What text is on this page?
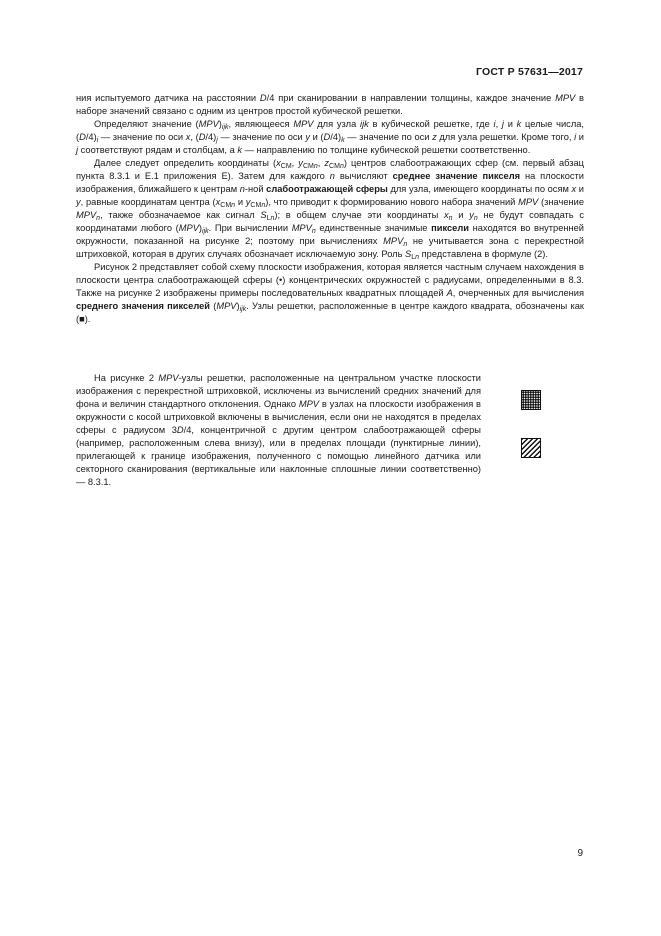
ГОСТ Р 57631—2017

ния испытуемого датчика на расстоянии D/4 при сканировании в направлении толщины, каждое значение MPV в наборе значений связано с одним из центров простой кубической решетки.

Определяют значение $(MPV)_{ijk}$, являющееся MPV для узла ijk в кубической решетке, где i, j и k целые числа, $(D/4)_i$ — значение по оси x, $(D/4)_j$ — значение по оси y и $(D/4)_k$ — значение по оси z для узла решетки. Кроме того, i и j соответствуют рядам и столбцам, а k — направлению по толщине кубической решетки соответственно.

Далее следует определить координаты ($x_{CM}$, $y_{CMn}$, $z_{CMn}$) центров слабоотражающих сфер (см. первый абзац пункта 8.3.1 и Е.1 приложения Е). Затем для каждого n вычисляют среднее значение пикселя на плоскости изображения, ближайшего к центрам n-ной слабоотражающей сферы для узла, имеющего координаты по осям x и y, равные координатам центра ($x_{CMn}$ и $y_{CMn}$), что приводит к формированию нового набора значений MPV (значение $MPV_n$, также обозначаемое как сигнал $S_{Ln}$); в общем случае эти координаты $x_n$ и $y_n$ не будут совпадать с координатами любого $(MPV)_{ijk}$. При вычислении $MPV_n$ единственные значимые пиксели находятся во внутренней окружности, показанной на рисунке 2; поэтому при вычислениях $MPV_n$ не учитывается зона с перекрестной штриховкой, которая в других случаях обозначает исключаемую зону. Роль $S_{Ln}$ представлена в формуле (2).

Рисунок 2 представляет собой схему плоскости изображения, которая является частным случаем нахождения в плоскости центра слабоотражающей сферы (•) концентрических окружностей с радиусами, определенными в 8.3. Также на рисунке 2 изображены примеры последовательных квадратных площадей A, очерченных для вычисления среднего значения пикселей $(MPV)_{ijk}$. Узлы решетки, расположенные в центре каждого квадрата, обозначены как (■).

На рисунке 2 MPV-узлы решетки, расположенные на центральном участке плоскости изображения с перекрестной штриховкой, исключены из вычислений средних значений для фона и величин стандартного отклонения. Однако MPV в узлах на плоскости изображения в окружности с косой штриховкой включены в вычисления, если они не находятся в пределах сферы с радиусом 3D/4, концентричной с другим центром слабоотражающей сферы (например, расположенным слева внизу), или в пределах площади (пунктирные линии), прилегающей к границе изображения, полученного с помощью линейного датчика или секторного сканирования (вертикальные или наклонные сплошные линии соответственно) — 8.3.1.

9
